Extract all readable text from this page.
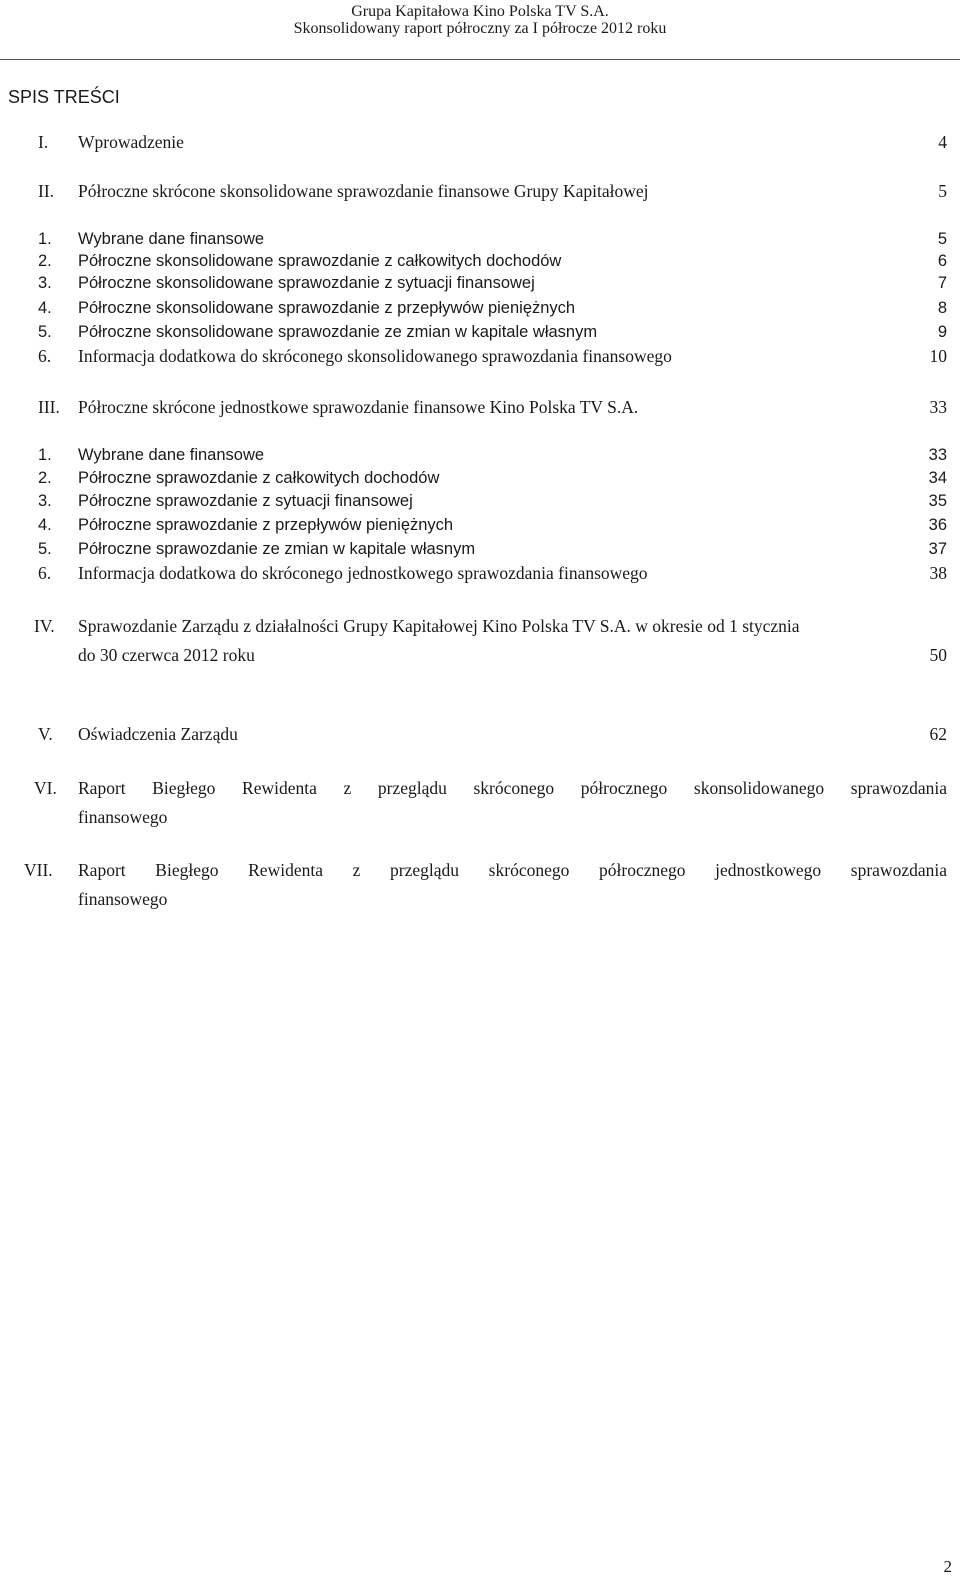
Grupa Kapitałowa Kino Polska TV S.A.
Skonsolidowany raport półroczny za I półrocze 2012 roku
SPIS TREŚCI
I. Wprowadzenie	4
II. Półroczne skrócone skonsolidowane sprawozdanie finansowe Grupy Kapitałowej	5
1. Wybrane dane finansowe	5
2. Półroczne skonsolidowane sprawozdanie z całkowitych dochodów	6
3. Półroczne skonsolidowane sprawozdanie z sytuacji finansowej	7
4. Półroczne skonsolidowane sprawozdanie z przepływów pieniężnych	8
5. Półroczne skonsolidowane sprawozdanie ze zmian w kapitale własnym	9
6. Informacja dodatkowa do skróconego skonsolidowanego sprawozdania finansowego	10
III. Półroczne skrócone jednostkowe sprawozdanie finansowe Kino Polska TV S.A.	33
1. Wybrane dane finansowe	33
2. Półroczne sprawozdanie z całkowitych dochodów	34
3. Półroczne sprawozdanie z sytuacji finansowej	35
4. Półroczne sprawozdanie z przepływów pieniężnych	36
5. Półroczne sprawozdanie ze zmian w kapitale własnym	37
6. Informacja dodatkowa do skróconego jednostkowego sprawozdania finansowego	38
IV. Sprawozdanie Zarządu z działalności Grupy Kapitałowej Kino Polska TV S.A. w okresie od 1 stycznia
do 30 czerwca 2012 roku	50
V. Oświadczenia Zarządu	62
VI. Raport Biegłego Rewidenta z przeglądu skróconego półrocznego skonsolidowanego sprawozdania
finansowego
VII. Raport Biegłego Rewidenta z przeglądu skróconego półrocznego jednostkowego sprawozdania
finansowego
2
